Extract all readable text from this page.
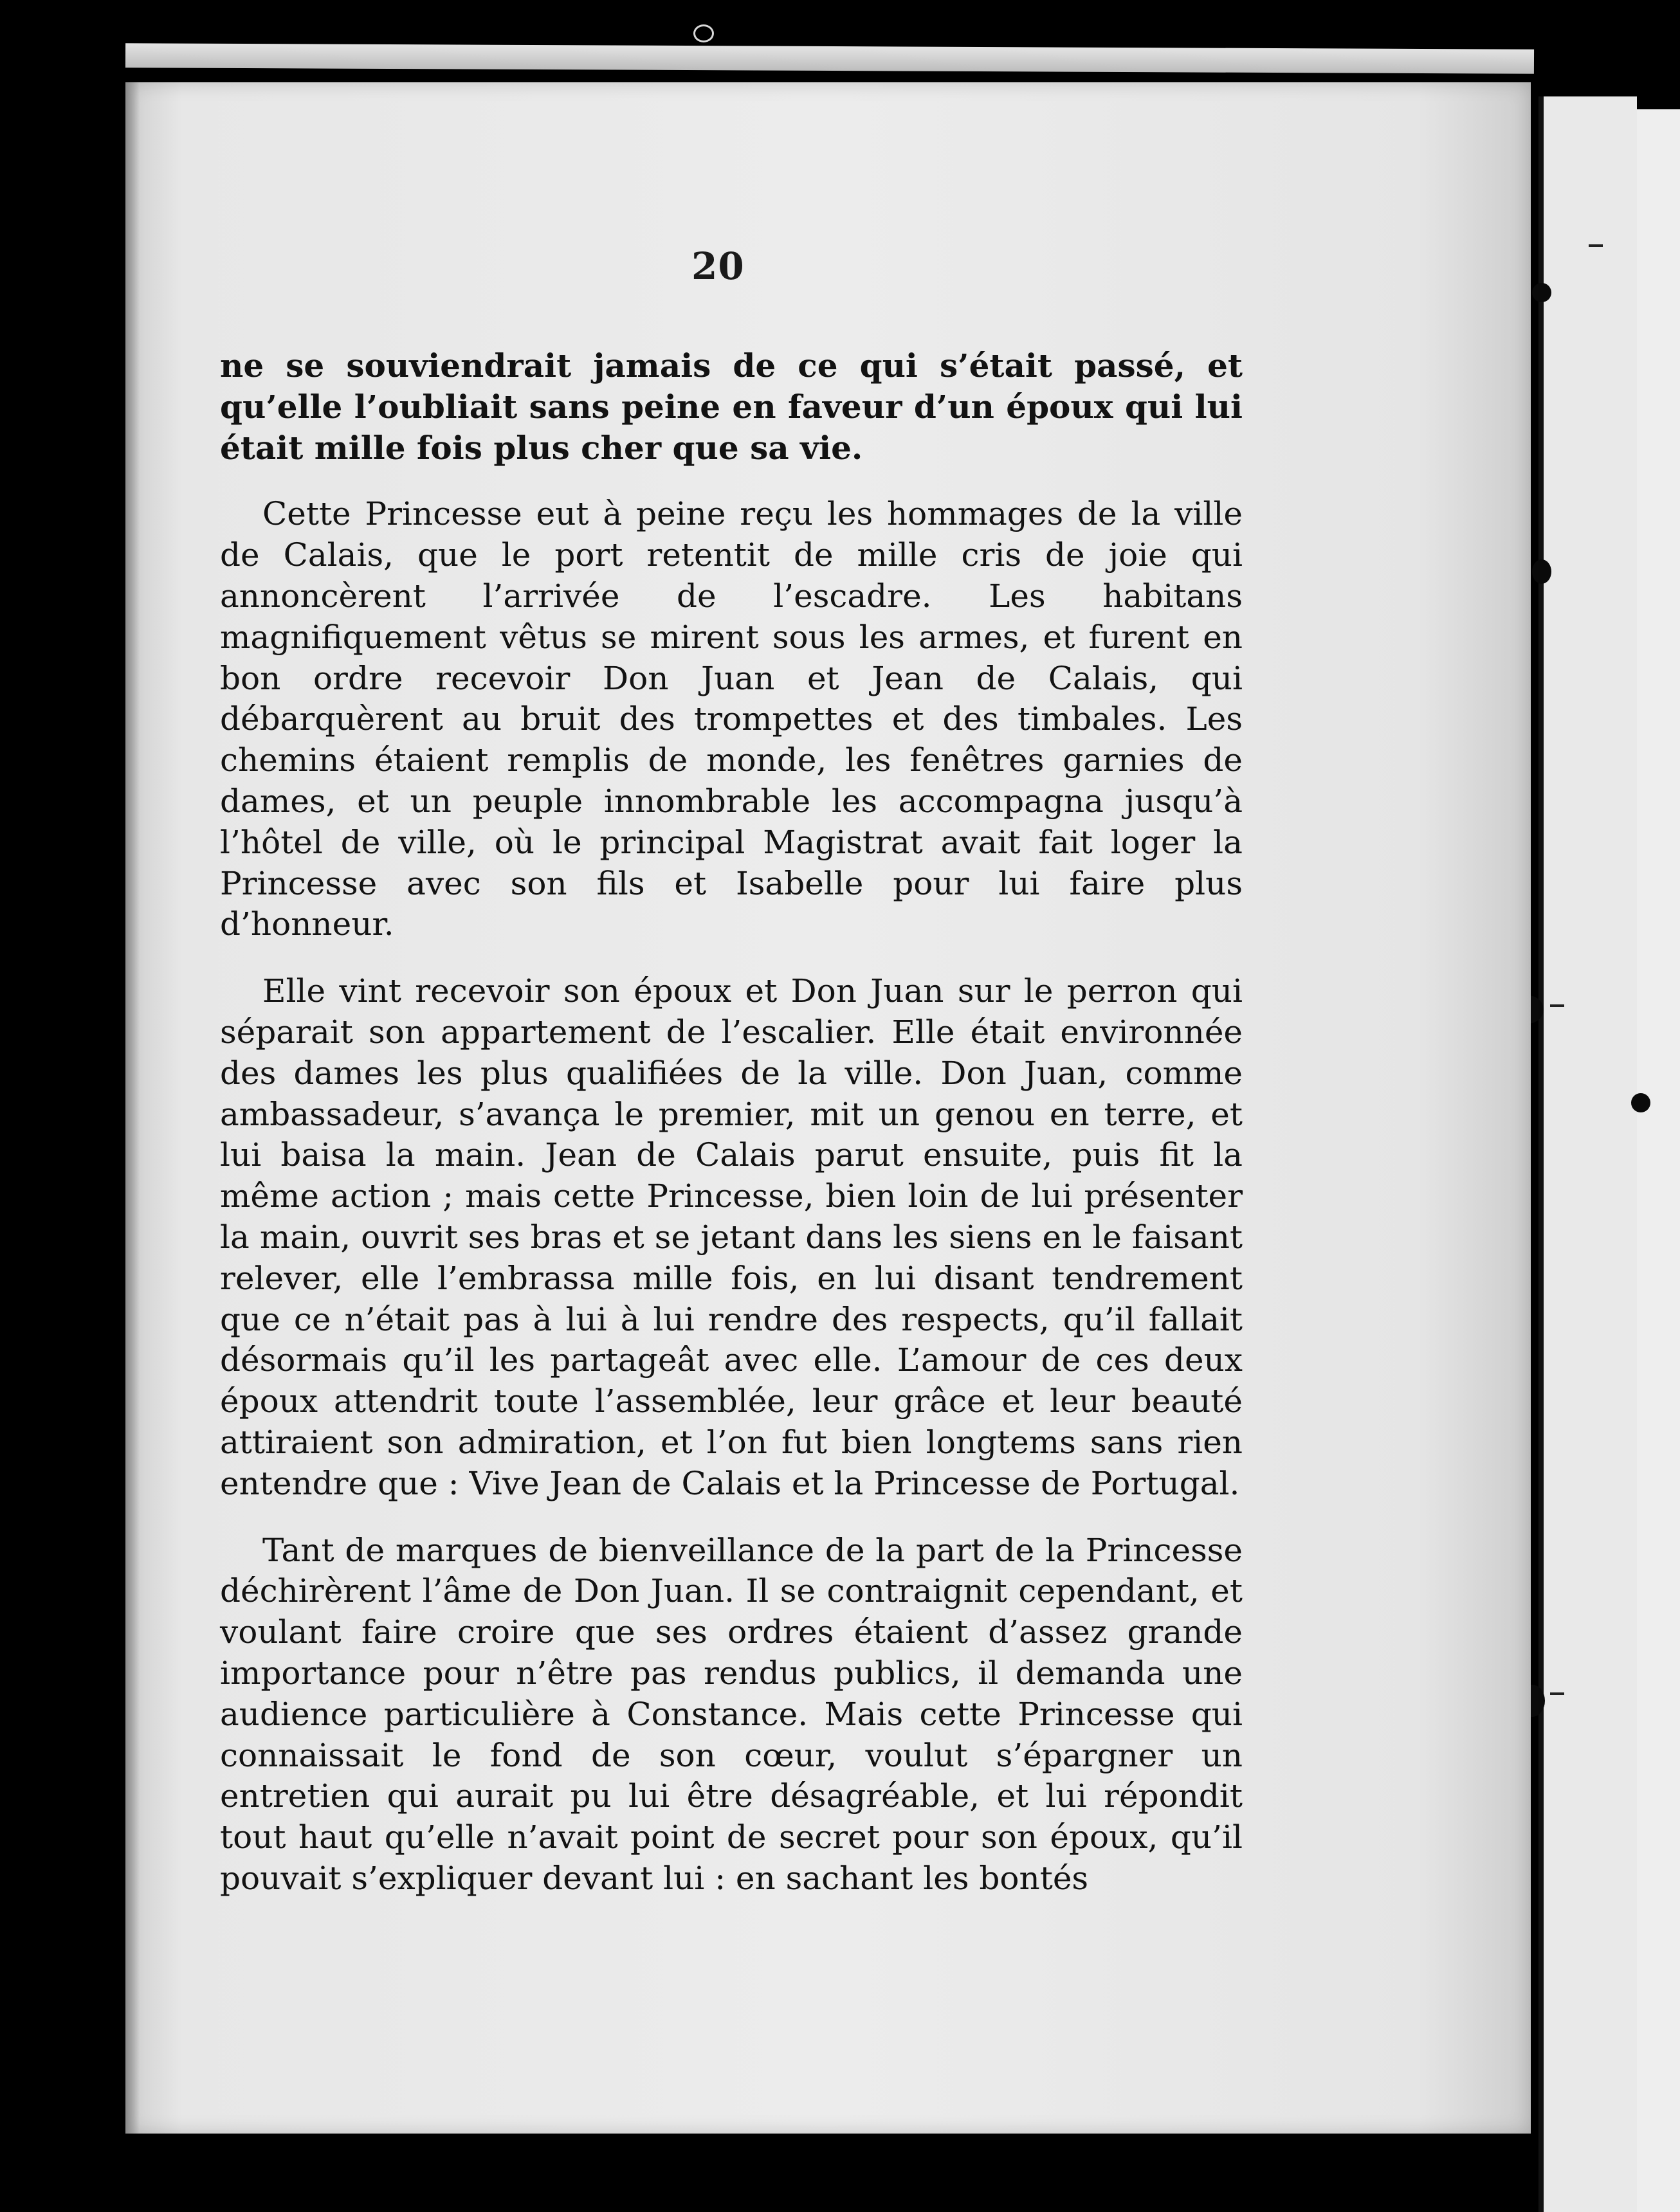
20

ne se souviendrait jamais de ce qui s’était passé, et qu’elle l’oubliait sans peine en faveur d’un époux qui lui était mille fois plus cher que sa vie.

Cette Princesse eut à peine reçu les hommages de la ville de Calais, que le port retentit de mille cris de joie qui annoncèrent l’arrivée de l’escadre. Les habitans magnifiquement vêtus se mirent sous les armes, et furent en bon ordre recevoir Don Juan et Jean de Calais, qui débarquèrent au bruit des trompettes et des timbales. Les chemins étaient remplis de monde, les fenêtres garnies de dames, et un peuple innombrable les accompagna jusqu’à l’hôtel de ville, où le principal Magistrat avait fait loger la Princesse avec son fils et Isabelle pour lui faire plus d’honneur.

Elle vint recevoir son époux et Don Juan sur le perron qui séparait son appartement de l’escalier. Elle était environnée des dames les plus qualifiées de la ville. Don Juan, comme ambassadeur, s’avança le premier, mit un genou en terre, et lui baisa la main. Jean de Calais parut ensuite, puis fit la même action ; mais cette Princesse, bien loin de lui présenter la main, ouvrit ses bras et se jetant dans les siens en le faisant relever, elle l’embrassa mille fois, en lui disant tendrement que ce n’était pas à lui à lui rendre des respects, qu’il fallait désormais qu’il les partageât avec elle. L’amour de ces deux époux attendrit toute l’assemblée, leur grâce et leur beauté attiraient son admiration, et l’on fut bien longtems sans rien entendre que : Vive Jean de Calais et la Princesse de Portugal.

Tant de marques de bienveillance de la part de la Princesse déchirèrent l’âme de Don Juan. Il se contraignit cependant, et voulant faire croire que ses ordres étaient d’assez grande importance pour n’être pas rendus publics, il demanda une audience particulière à Constance. Mais cette Princesse qui connaissait le fond de son cœur, voulut s’épargner un entretien qui aurait pu lui être désagréable, et lui répondit tout haut qu’elle n’avait point de secret pour son époux, qu’il pouvait s’expliquer devant lui : en sachant les bontés
